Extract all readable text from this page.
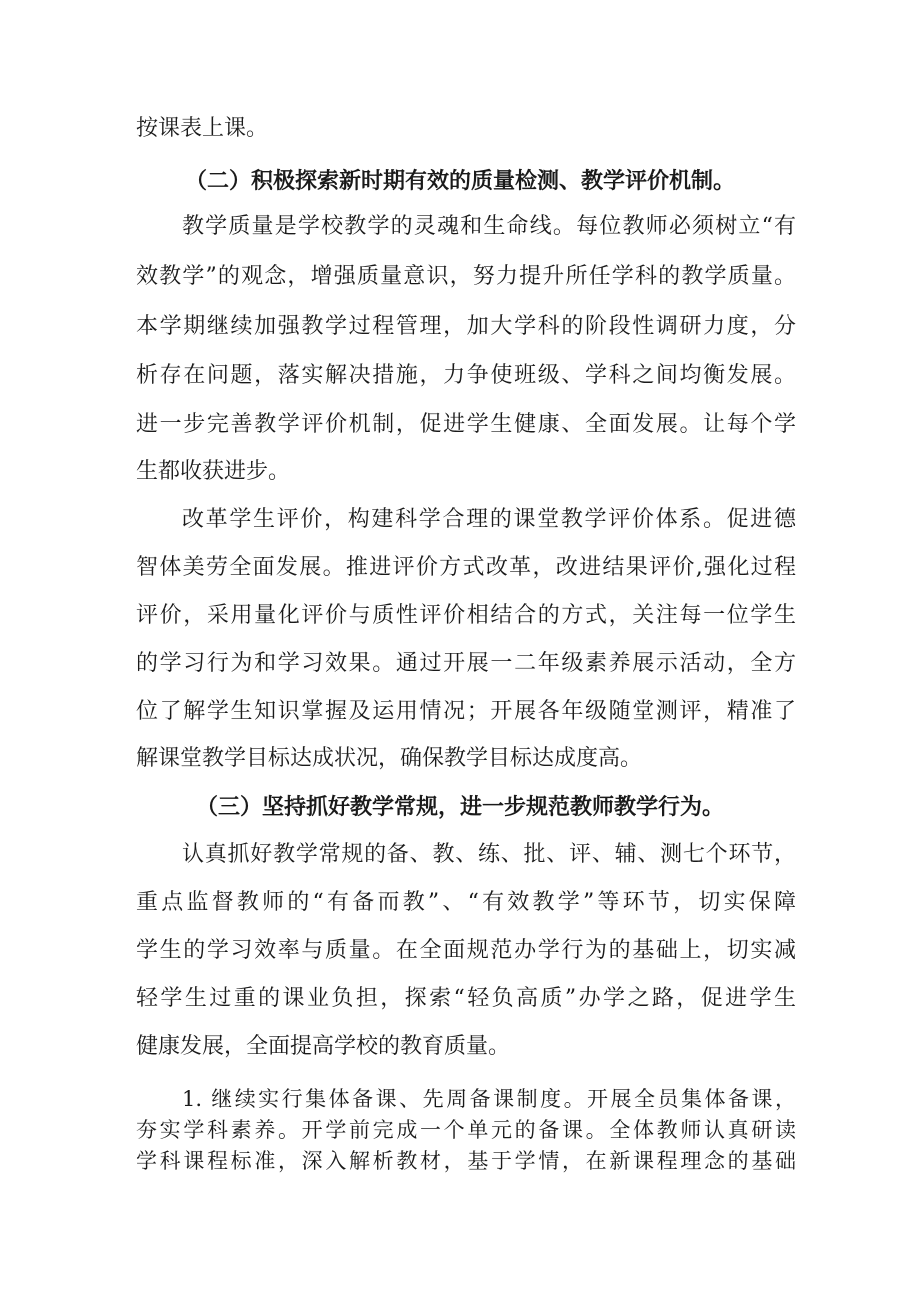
按课表上课。
（二）积极探索新时期有效的质量检测、教学评价机制。
教学质量是学校教学的灵魂和生命线。每位教师必须树立“有
效教学”的观念，增强质量意识，努力提升所任学科的教学质量。
本学期继续加强教学过程管理，加大学科的阶段性调研力度，分
析存在问题，落实解决措施，力争使班级、学科之间均衡发展。
进一步完善教学评价机制，促进学生健康、全面发展。让每个学
生都收获进步。
改革学生评价，构建科学合理的课堂教学评价体系。促进德
智体美劳全面发展。推进评价方式改革，改进结果评价,强化过程
评价，采用量化评价与质性评价相结合的方式，关注每一位学生
的学习行为和学习效果。通过开展一二年级素养展示活动，全方
位了解学生知识掌握及运用情况；开展各年级随堂测评，精准了
解课堂教学目标达成状况，确保教学目标达成度高。
（三）坚持抓好教学常规，进一步规范教师教学行为。
认真抓好教学常规的备、教、练、批、评、辅、测七个环节，
重点监督教师的“有备而教”、“有效教学”等环节，切实保障
学生的学习效率与质量。在全面规范办学行为的基础上，切实减
轻学生过重的课业负担，探索“轻负高质”办学之路，促进学生
健康发展，全面提高学校的教育质量。
1. 继续实行集体备课、先周备课制度。开展全员集体备课，
夯实学科素养。开学前完成一个单元的备课。全体教师认真研读
学科课程标准，深入解析教材，基于学情，在新课程理念的基础
